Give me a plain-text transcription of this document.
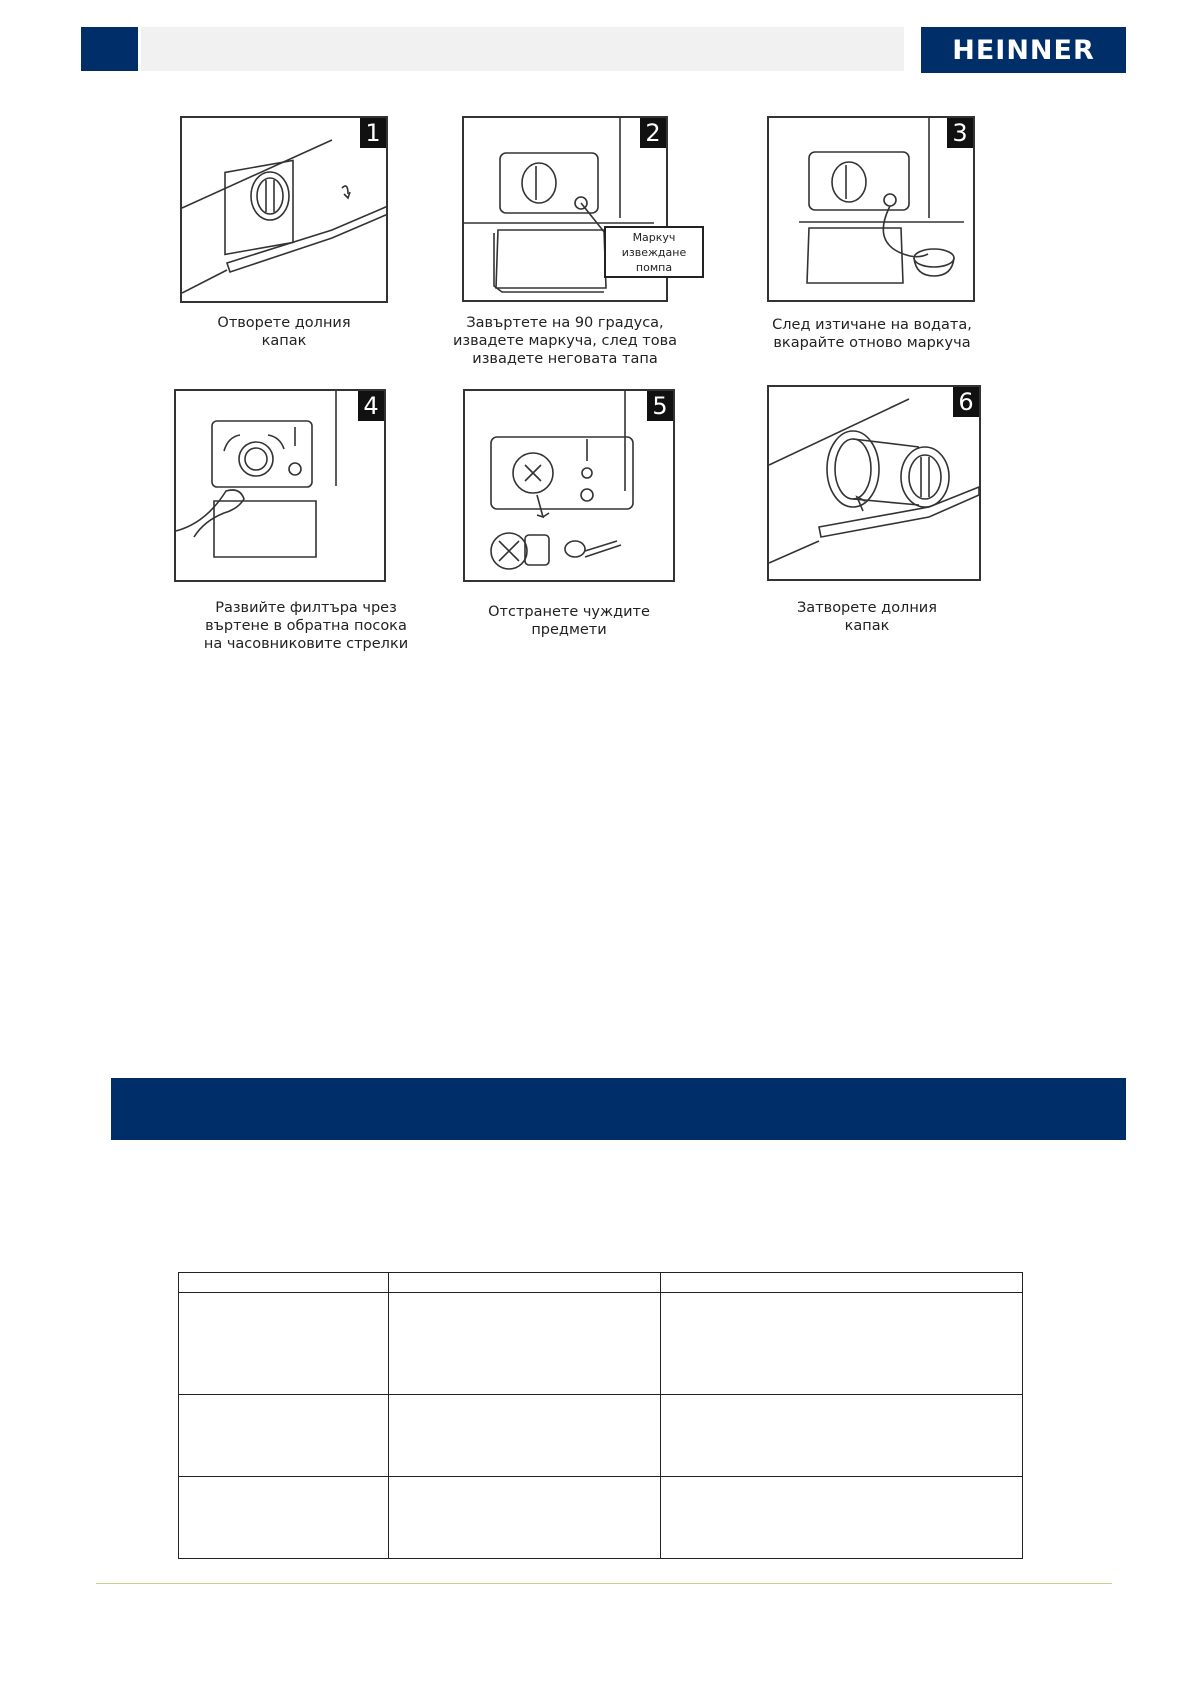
HEINNER
1
Отворете долния
капак
2
Маркуч
извеждане
помпа
Завъртете на 90 градуса,
извадете маркуча, след това
извадете неговата тапа
3
След изтичане на водата,
вкарайте отново маркуча
4
Развийте филтъра чрез
въртене в обратна посока
на часовниковите стрелки
5
Отстранете чуждите
предмети
6
Затворете долния
капак
